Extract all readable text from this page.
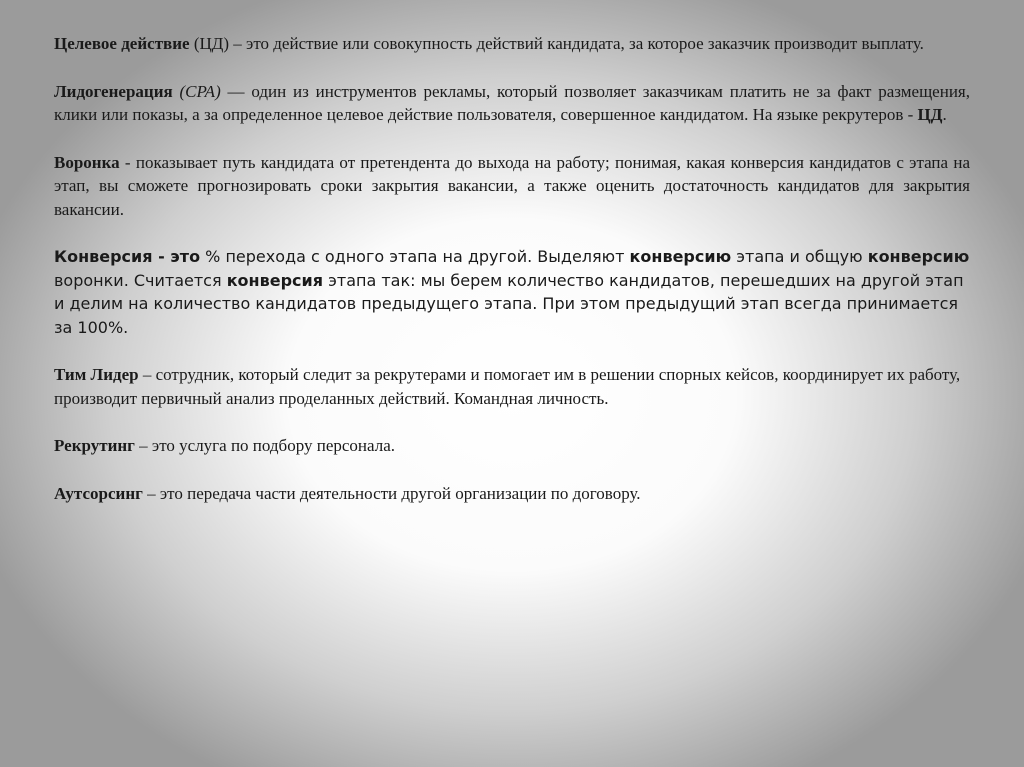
Целевое действие (ЦД) – это действие или совокупность действий кандидата, за которое заказчик производит выплату.

Лидогенерация (CPA) — один из инструментов рекламы, который позволяет заказчикам платить не за факт размещения, клики или показы, а за определенное целевое действие пользователя, совершенное кандидатом. На языке рекрутеров - ЦД.

Воронка - показывает путь кандидата от претендента до выхода на работу; понимая, какая конверсия кандидатов с этапа на этап, вы сможете прогнозировать сроки закрытия вакансии, а также оценить достаточность кандидатов для закрытия вакансии.

Конверсия - это % перехода с одного этапа на другой. Выделяют конверсию этапа и общую конверсию воронки. Считается конверсия этапа так: мы берем количество кандидатов, перешедших на другой этап и делим на количество кандидатов предыдущего этапа. При этом предыдущий этап всегда принимается за 100%.

Тим Лидер – сотрудник, который следит за рекрутерами и помогает им в решении спорных кейсов, координирует их работу, производит первичный анализ проделанных действий. Командная личность.

Рекрутинг – это услуга по подбору персонала.

Аутсорсинг – это передача части деятельности другой организации по договору.
